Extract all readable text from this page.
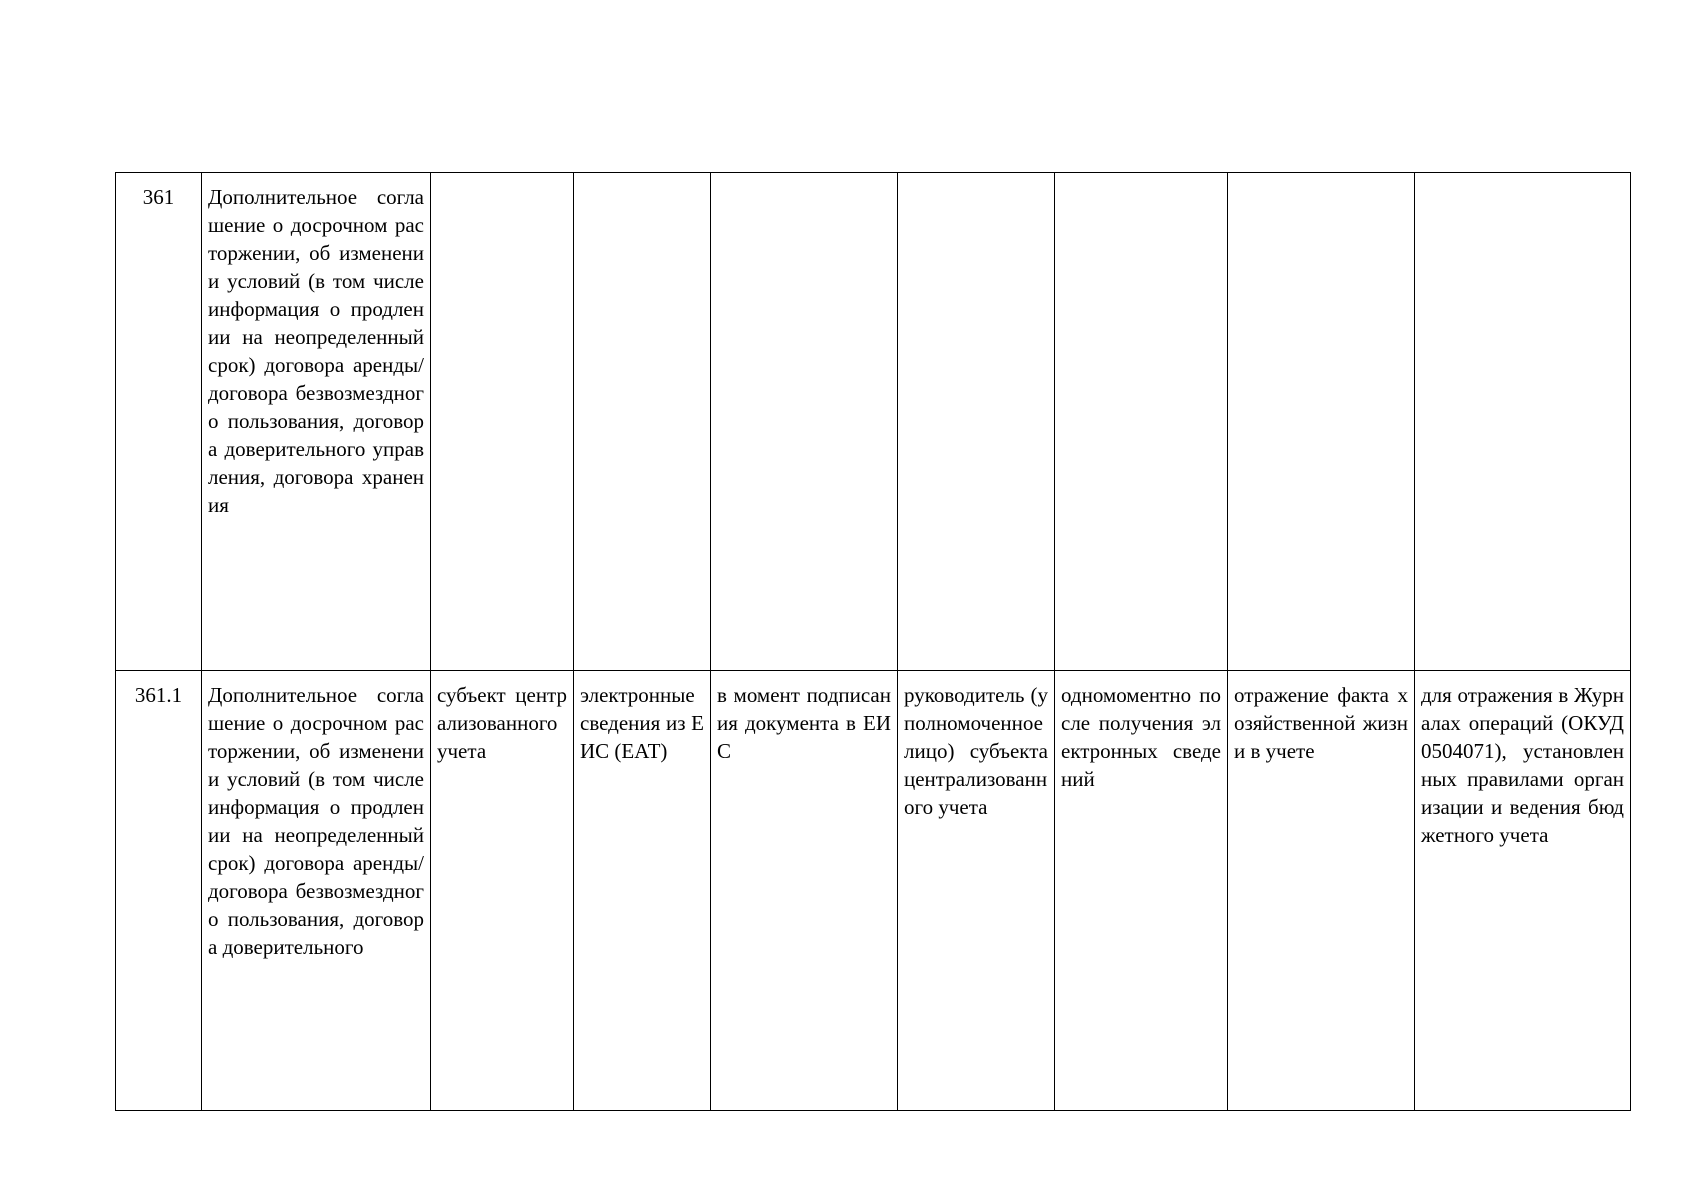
361	Дополнительное соглашение о досрочном расторжении, об изменении условий (в том числе информация о продлении на неопределенный срок) договора аренды/договора безвозмездного пользования, договора доверительного управления, договора хранения							

361.1	Дополнительное соглашение о досрочном расторжении, об изменении условий (в том числе информация о продлении на неопределенный срок) договора аренды/договора безвозмездного пользования, договора доверительного	субъект централизованного учета	электронные сведения из ЕИС (ЕАТ)	в момент подписания документа в ЕИС	руководитель (уполномоченное лицо) субъекта централизованного учета	одномоментно после получения электронных сведений	отражение факта хозяйственной жизни в учете	для отражения в Журналах операций (ОКУД 0504071), установленных правилами организации и ведения бюджетного учета
